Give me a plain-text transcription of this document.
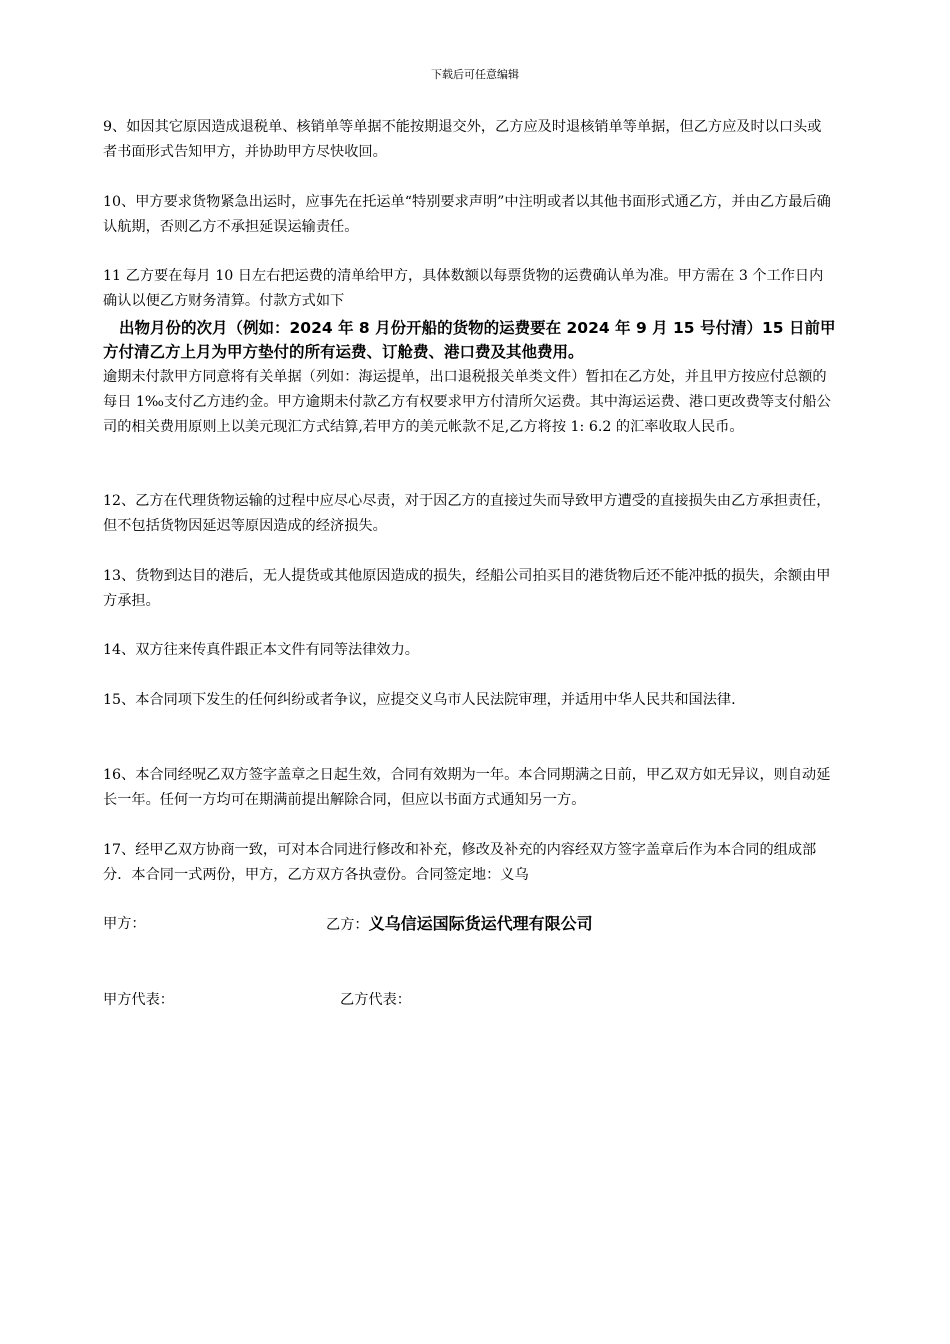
下载后可任意编辑
9、如因其它原因造成退税单、核销单等单据不能按期退交外，乙方应及时退核销单等单据，但乙方应及时以口头或者书面形式告知甲方，并协助甲方尽快收回。
10、甲方要求货物紧急出运时，应事先在托运单“特别要求声明”中注明或者以其他书面形式通乙方，并由乙方最后确认航期，否则乙方不承担延误运输责任。
11 乙方要在每月 10 日左右把运费的清单给甲方，具体数额以每票货物的运费确认单为准。甲方需在 3 个工作日内确认以便乙方财务清算。付款方式如下
出物月份的次月（例如：2024 年 8 月份开船的货物的运费要在 2024 年 9 月 15 号付清）15 日前甲方付清乙方上月为甲方垫付的所有运费、订舱费、港口费及其他费用。
逾期未付款甲方同意将有关单据（列如：海运提单，出口退税报关单类文件）暂扣在乙方处，并且甲方按应付总额的每日 1‰支付乙方违约金。甲方逾期未付款乙方有权要求甲方付清所欠运费。其中海运运费、港口更改费等支付船公司的相关费用原则上以美元现汇方式结算,若甲方的美元帐款不足,乙方将按 1: 6.2 的汇率收取人民币。
12、乙方在代理货物运输的过程中应尽心尽责，对于因乙方的直接过失而导致甲方遭受的直接损失由乙方承担责任，但不包括货物因延迟等原因造成的经济损失。
13、货物到达目的港后，无人提货或其他原因造成的损失，经船公司拍买目的港货物后还不能冲抵的损失，余额由甲方承担。
14、双方往来传真件跟正本文件有同等法律效力。
15、本合同项下发生的任何纠纷或者争议，应提交义乌市人民法院审理，并适用中华人民共和国法律.
16、本合同经呪乙双方签字盖章之日起生效，合同有效期为一年。本合同期满之日前，甲乙双方如无异议，则自动延长一年。任何一方均可在期满前提出解除合同，但应以书面方式通知另一方。
17、经甲乙双方协商一致，可对本合同进行修改和补充，修改及补充的内容经双方签字盖章后作为本合同的组成部分．本合同一式两份，甲方，乙方双方各执壹份。合同签定地：义乌
甲方：	乙方：义乌信运国际货运代理有限公司
甲方代表：	乙方代表：
